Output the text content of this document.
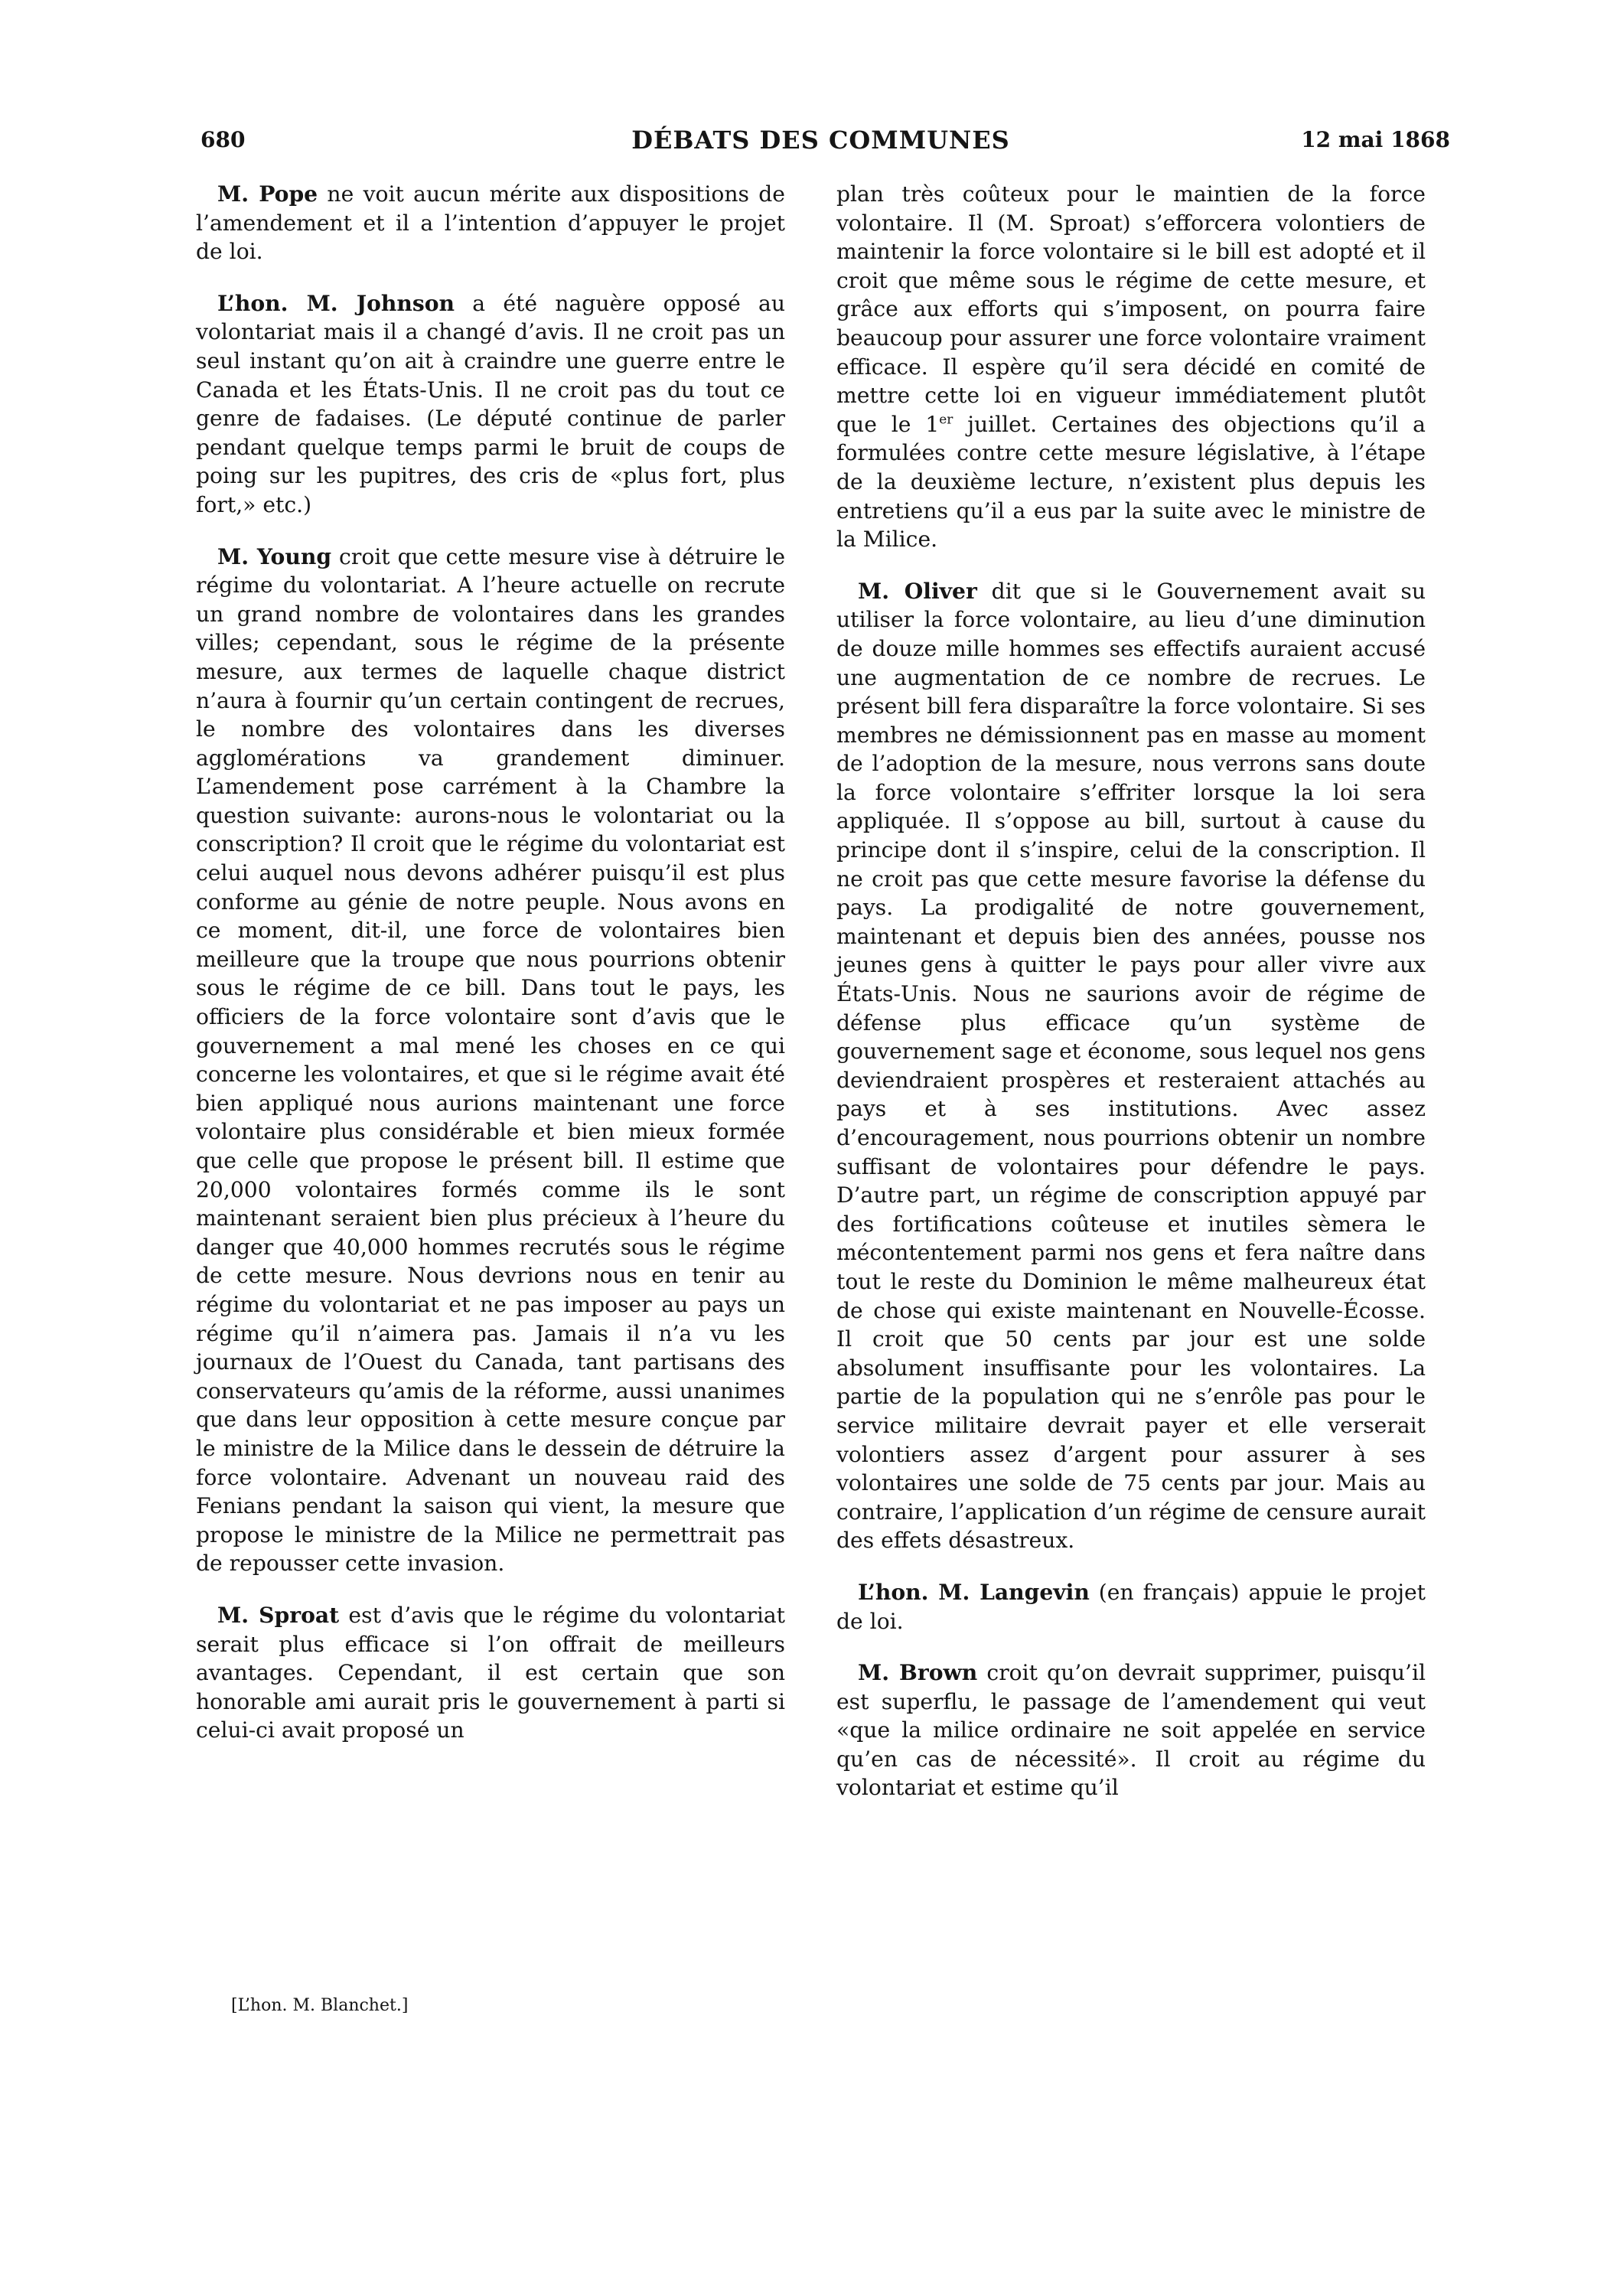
680	DÉBATS DES COMMUNES	12 mai 1868

M. Pope ne voit aucun mérite aux dispositions de l’amendement et il a l’intention d’appuyer le projet de loi.

L’hon. M. Johnson a été naguère opposé au volontariat mais il a changé d’avis. Il ne croit pas un seul instant qu’on ait à craindre une guerre entre le Canada et les États-Unis. Il ne croit pas du tout ce genre de fadaises. (Le député continue de parler pendant quelque temps parmi le bruit de coups de poing sur les pupitres, des cris de «plus fort, plus fort,» etc.)

M. Young croit que cette mesure vise à détruire le régime du volontariat. A l’heure actuelle on recrute un grand nombre de volontaires dans les grandes villes; cependant, sous le régime de la présente mesure, aux termes de laquelle chaque district n’aura à fournir qu’un certain contingent de recrues, le nombre des volontaires dans les diverses agglomérations va grandement diminuer. L’amendement pose carrément à la Chambre la question suivante: aurons-nous le volontariat ou la conscription? Il croit que le régime du volontariat est celui auquel nous devons adhérer puisqu’il est plus conforme au génie de notre peuple. Nous avons en ce moment, dit-il, une force de volontaires bien meilleure que la troupe que nous pourrions obtenir sous le régime de ce bill. Dans tout le pays, les officiers de la force volontaire sont d’avis que le gouvernement a mal mené les choses en ce qui concerne les volontaires, et que si le régime avait été bien appliqué nous aurions maintenant une force volontaire plus considérable et bien mieux formée que celle que propose le présent bill. Il estime que 20,000 volontaires formés comme ils le sont maintenant seraient bien plus précieux à l’heure du danger que 40,000 hommes recrutés sous le régime de cette mesure. Nous devrions nous en tenir au régime du volontariat et ne pas imposer au pays un régime qu’il n’aimera pas. Jamais il n’a vu les journaux de l’Ouest du Canada, tant partisans des conservateurs qu’amis de la réforme, aussi unanimes que dans leur opposition à cette mesure conçue par le ministre de la Milice dans le dessein de détruire la force volontaire. Advenant un nouveau raid des Fenians pendant la saison qui vient, la mesure que propose le ministre de la Milice ne permettrait pas de repousser cette invasion.

M. Sproat est d’avis que le régime du volontariat serait plus efficace si l’on offrait de meilleurs avantages. Cependant, il est certain que son honorable ami aurait pris le gouvernement à parti si celui-ci avait proposé un

plan très coûteux pour le maintien de la force volontaire. Il (M. Sproat) s’efforcera volontiers de maintenir la force volontaire si le bill est adopté et il croit que même sous le régime de cette mesure, et grâce aux efforts qui s’imposent, on pourra faire beaucoup pour assurer une force volontaire vraiment efficace. Il espère qu’il sera décidé en comité de mettre cette loi en vigueur immédiatement plutôt que le 1er juillet. Certaines des objections qu’il a formulées contre cette mesure législative, à l’étape de la deuxième lecture, n’existent plus depuis les entretiens qu’il a eus par la suite avec le ministre de la Milice.

M. Oliver dit que si le Gouvernement avait su utiliser la force volontaire, au lieu d’une diminution de douze mille hommes ses effectifs auraient accusé une augmentation de ce nombre de recrues. Le présent bill fera disparaître la force volontaire. Si ses membres ne démissionnent pas en masse au moment de l’adoption de la mesure, nous verrons sans doute la force volontaire s’effriter lorsque la loi sera appliquée. Il s’oppose au bill, surtout à cause du principe dont il s’inspire, celui de la conscription. Il ne croit pas que cette mesure favorise la défense du pays. La prodigalité de notre gouvernement, maintenant et depuis bien des années, pousse nos jeunes gens à quitter le pays pour aller vivre aux États-Unis. Nous ne saurions avoir de régime de défense plus efficace qu’un système de gouvernement sage et économe, sous lequel nos gens deviendraient prospères et resteraient attachés au pays et à ses institutions. Avec assez d’encouragement, nous pourrions obtenir un nombre suffisant de volontaires pour défendre le pays. D’autre part, un régime de conscription appuyé par des fortifications coûteuse et inutiles sèmera le mécontentement parmi nos gens et fera naître dans tout le reste du Dominion le même malheureux état de chose qui existe maintenant en Nouvelle-Écosse. Il croit que 50 cents par jour est une solde absolument insuffisante pour les volontaires. La partie de la population qui ne s’enrôle pas pour le service militaire devrait payer et elle verserait volontiers assez d’argent pour assurer à ses volontaires une solde de 75 cents par jour. Mais au contraire, l’application d’un régime de censure aurait des effets désastreux.

L’hon. M. Langevin (en français) appuie le projet de loi.

M. Brown croit qu’on devrait supprimer, puisqu’il est superflu, le passage de l’amendement qui veut «que la milice ordinaire ne soit appelée en service qu’en cas de nécessité». Il croit au régime du volontariat et estime qu’il

[L’hon. M. Blanchet.]
